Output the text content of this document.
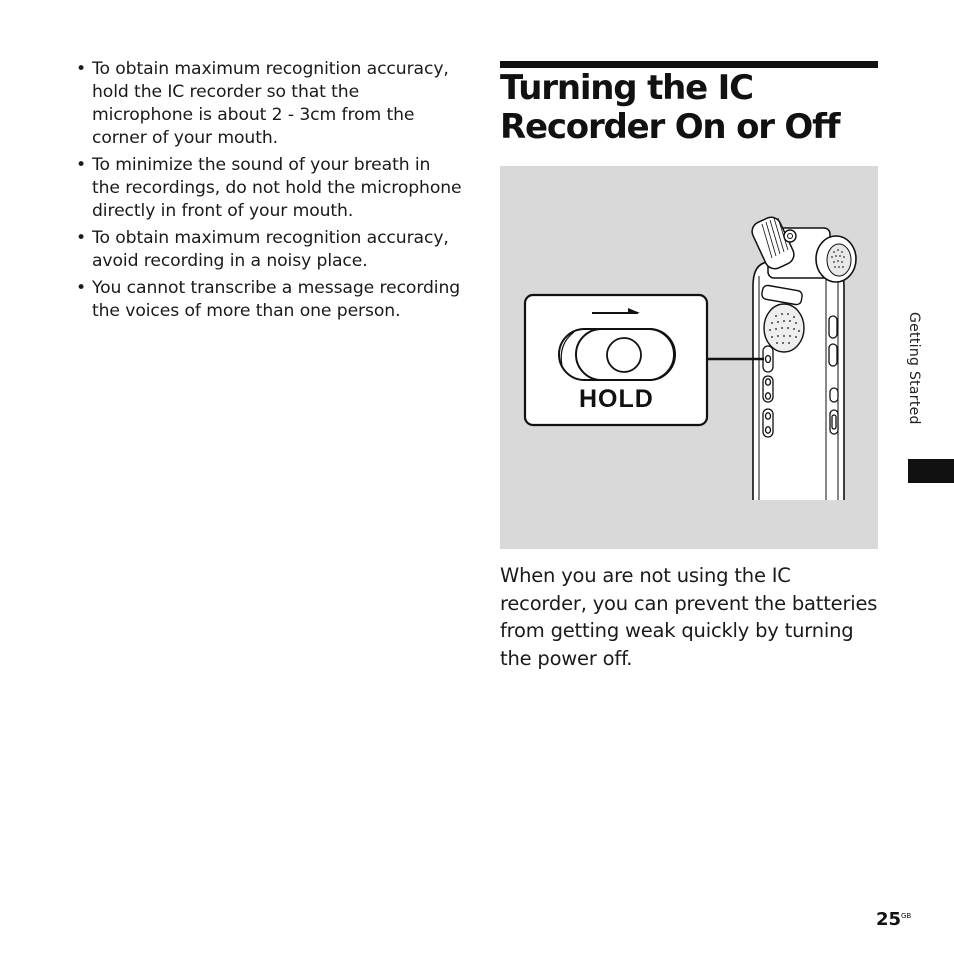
• To obtain maximum recognition accuracy, hold the IC recorder so that the microphone is about 2 - 3cm from the corner of your mouth.
• To minimize the sound of your breath in the recordings, do not hold the microphone directly in front of your mouth.
• To obtain maximum recognition accuracy, avoid recording in a noisy place.
• You cannot transcribe a message recording the voices of more than one person.
Turning the IC Recorder On or Off
HOLD

When you are not using the IC recorder, you can prevent the batteries from getting weak quickly by turning the power off.

Getting Started
25 GB
